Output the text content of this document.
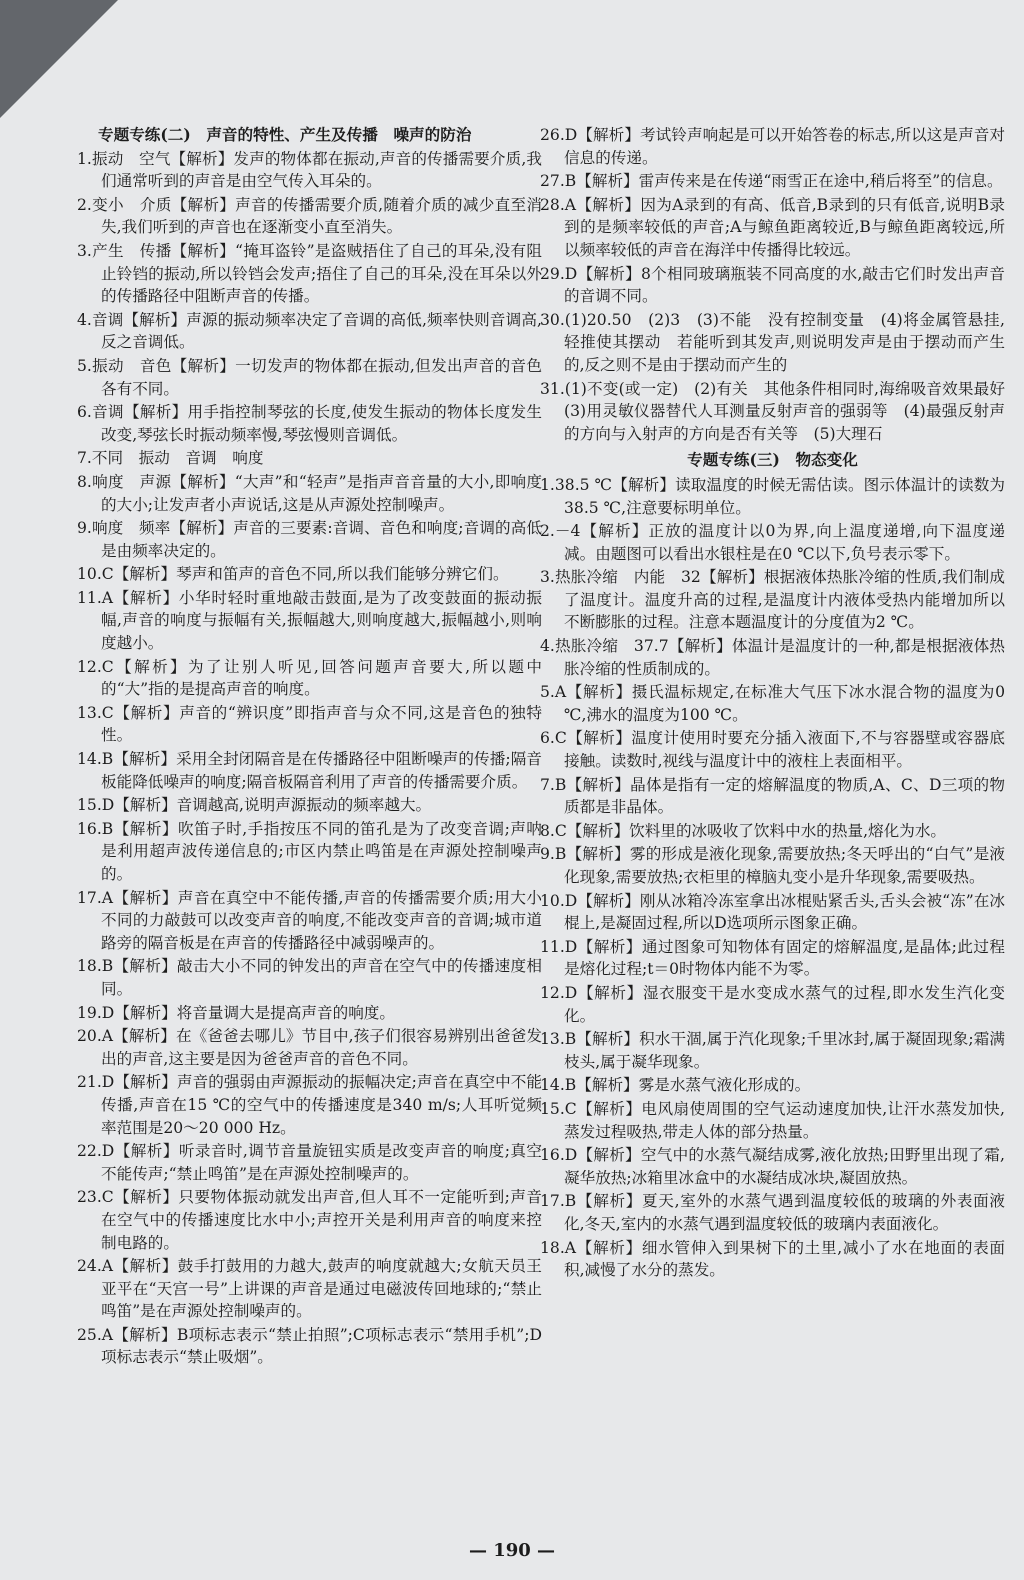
专题专练(二)　声音的特性、产生及传播　噪声的防治
1.振动　空气【解析】发声的物体都在振动,声音的传播需要介质,我们通常听到的声音是由空气传入耳朵的。
2.变小　介质【解析】声音的传播需要介质,随着介质的减少直至消失,我们听到的声音也在逐渐变小直至消失。
3.产生　传播【解析】“掩耳盗铃”是盗贼捂住了自己的耳朵,没有阻止铃铛的振动,所以铃铛会发声;捂住了自己的耳朵,没在耳朵以外的传播路径中阻断声音的传播。
4.音调【解析】声源的振动频率决定了音调的高低,频率快则音调高,反之音调低。
5.振动　音色【解析】一切发声的物体都在振动,但发出声音的音色各有不同。
6.音调【解析】用手指控制琴弦的长度,使发生振动的物体长度发生改变,琴弦长时振动频率慢,琴弦慢则音调低。
7.不同　振动　音调　响度
8.响度　声源【解析】“大声”和“轻声”是指声音音量的大小,即响度的大小;让发声者小声说话,这是从声源处控制噪声。
9.响度　频率【解析】声音的三要素:音调、音色和响度;音调的高低是由频率决定的。
10.C【解析】琴声和笛声的音色不同,所以我们能够分辨它们。
11.A【解析】小华时轻时重地敲击鼓面,是为了改变鼓面的振动振幅,声音的响度与振幅有关,振幅越大,则响度越大,振幅越小,则响度越小。
12.C【解析】为了让别人听见,回答问题声音要大,所以题中的“大”指的是提高声音的响度。
13.C【解析】声音的“辨识度”即指声音与众不同,这是音色的独特性。
14.B【解析】采用全封闭隔音是在传播路径中阻断噪声的传播;隔音板能降低噪声的响度;隔音板隔音利用了声音的传播需要介质。
15.D【解析】音调越高,说明声源振动的频率越大。
16.B【解析】吹笛子时,手指按压不同的笛孔是为了改变音调;声呐是利用超声波传递信息的;市区内禁止鸣笛是在声源处控制噪声的。
17.A【解析】声音在真空中不能传播,声音的传播需要介质;用大小不同的力敲鼓可以改变声音的响度,不能改变声音的音调;城市道路旁的隔音板是在声音的传播路径中减弱噪声的。
18.B【解析】敲击大小不同的钟发出的声音在空气中的传播速度相同。
19.D【解析】将音量调大是提高声音的响度。
20.A【解析】在《爸爸去哪儿》节目中,孩子们很容易辨别出爸爸发出的声音,这主要是因为爸爸声音的音色不同。
21.D【解析】声音的强弱由声源振动的振幅决定;声音在真空中不能传播,声音在15 ℃的空气中的传播速度是340 m/s;人耳听觉频率范围是20～20 000 Hz。
22.D【解析】听录音时,调节音量旋钮实质是改变声音的响度;真空不能传声;“禁止鸣笛”是在声源处控制噪声的。
23.C【解析】只要物体振动就发出声音,但人耳不一定能听到;声音在空气中的传播速度比水中小;声控开关是利用声音的响度来控制电路的。
24.A【解析】鼓手打鼓用的力越大,鼓声的响度就越大;女航天员王亚平在“天宫一号”上讲课的声音是通过电磁波传回地球的;“禁止鸣笛”是在声源处控制噪声的。
25.A【解析】B项标志表示“禁止拍照”;C项标志表示“禁用手机”;D项标志表示“禁止吸烟”。
26.D【解析】考试铃声响起是可以开始答卷的标志,所以这是声音对信息的传递。
27.B【解析】雷声传来是在传递“雨雪正在途中,稍后将至”的信息。
28.A【解析】因为A录到的有高、低音,B录到的只有低音,说明B录到的是频率较低的声音;A与鲸鱼距离较近,B与鲸鱼距离较远,所以频率较低的声音在海洋中传播得比较远。
29.D【解析】8个相同玻璃瓶装不同高度的水,敲击它们时发出声音的音调不同。
30.(1)20.50　(2)3　(3)不能　没有控制变量　(4)将金属管悬挂,轻推使其摆动　若能听到其发声,则说明发声是由于摆动而产生的,反之则不是由于摆动而产生的
31.(1)不变(或一定)　(2)有关　其他条件相同时,海绵吸音效果最好　(3)用灵敏仪器替代人耳测量反射声音的强弱等　(4)最强反射声的方向与入射声的方向是否有关等　(5)大理石
专题专练(三)　物态变化
1.38.5 ℃【解析】读取温度的时候无需估读。图示体温计的读数为38.5 ℃,注意要标明单位。
2.－4【解析】正放的温度计以0为界,向上温度递增,向下温度递减。由题图可以看出水银柱是在0 ℃以下,负号表示零下。
3.热胀冷缩　内能　32【解析】根据液体热胀冷缩的性质,我们制成了温度计。温度升高的过程,是温度计内液体受热内能增加所以不断膨胀的过程。注意本题温度计的分度值为2 ℃。
4.热胀冷缩　37.7【解析】体温计是温度计的一种,都是根据液体热胀冷缩的性质制成的。
5.A【解析】摄氏温标规定,在标准大气压下冰水混合物的温度为0 ℃,沸水的温度为100 ℃。
6.C【解析】温度计使用时要充分插入液面下,不与容器壁或容器底接触。读数时,视线与温度计中的液柱上表面相平。
7.B【解析】晶体是指有一定的熔解温度的物质,A、C、D三项的物质都是非晶体。
8.C【解析】饮料里的冰吸收了饮料中水的热量,熔化为水。
9.B【解析】雾的形成是液化现象,需要放热;冬天呼出的“白气”是液化现象,需要放热;衣柜里的樟脑丸变小是升华现象,需要吸热。
10.D【解析】刚从冰箱冷冻室拿出冰棍贴紧舌头,舌头会被“冻”在冰棍上,是凝固过程,所以D选项所示图象正确。
11.D【解析】通过图象可知物体有固定的熔解温度,是晶体;此过程是熔化过程;t＝0时物体内能不为零。
12.D【解析】湿衣服变干是水变成水蒸气的过程,即水发生汽化变化。
13.B【解析】积水干涸,属于汽化现象;千里冰封,属于凝固现象;霜满枝头,属于凝华现象。
14.B【解析】雾是水蒸气液化形成的。
15.C【解析】电风扇使周围的空气运动速度加快,让汗水蒸发加快,蒸发过程吸热,带走人体的部分热量。
16.D【解析】空气中的水蒸气凝结成雾,液化放热;田野里出现了霜,凝华放热;冰箱里冰盒中的水凝结成冰块,凝固放热。
17.B【解析】夏天,室外的水蒸气遇到温度较低的玻璃的外表面液化,冬天,室内的水蒸气遇到温度较低的玻璃内表面液化。
18.A【解析】细水管伸入到果树下的土里,减小了水在地面的表面积,减慢了水分的蒸发。
— 190 —
